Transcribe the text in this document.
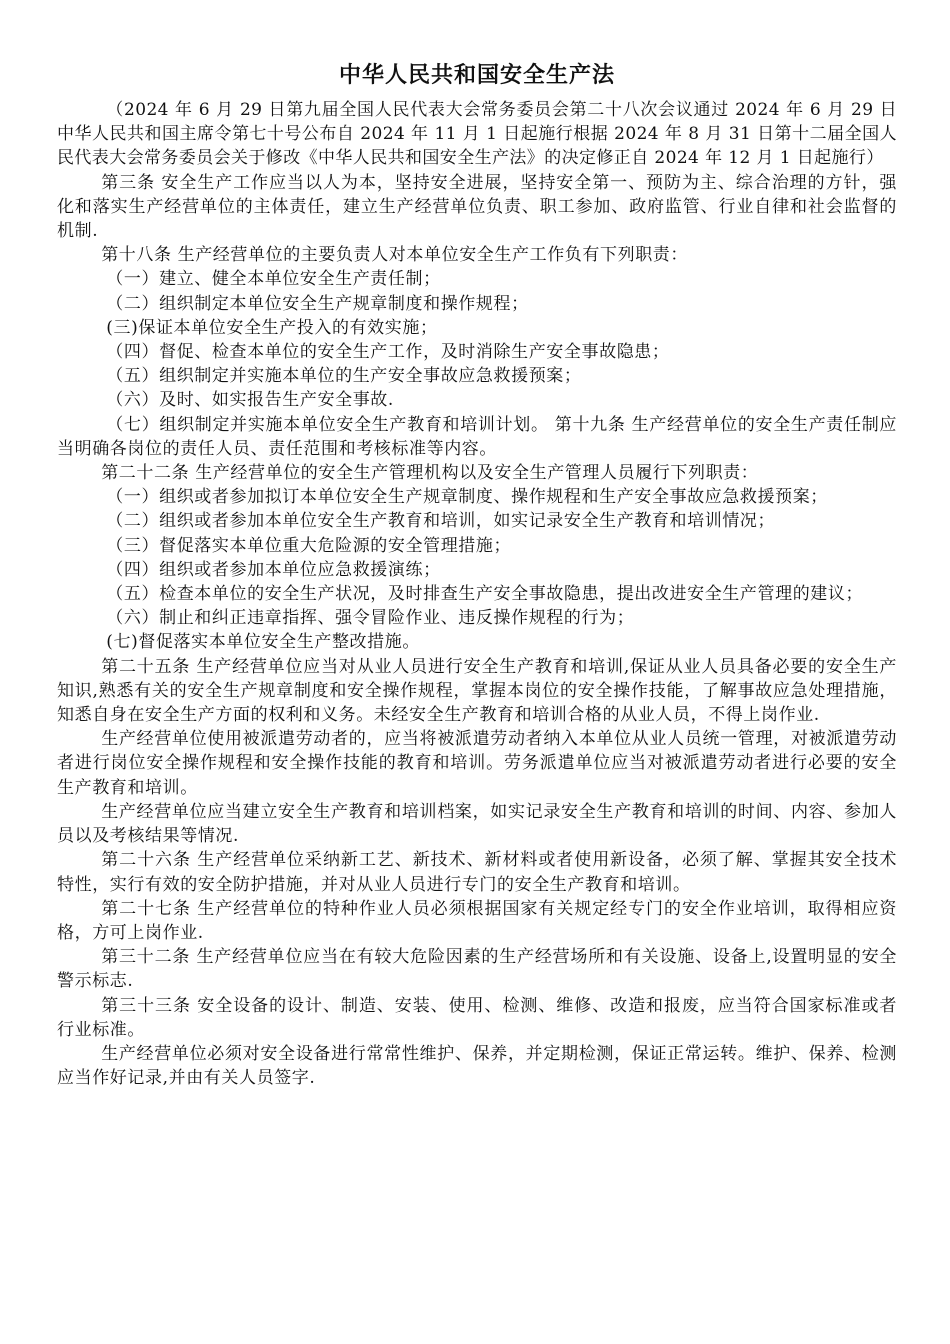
中华人民共和国安全生产法

（2024 年 6 月 29 日第九届全国人民代表大会常务委员会第二十八次会议通过 2024 年 6 月 29 日中华人民共和国主席令第七十号公布自 2024 年 11 月 1 日起施行根据 2024 年 8 月 31 日第十二届全国人民代表大会常务委员会关于修改《中华人民共和国安全生产法》的决定修正自 2024 年 12 月 1 日起施行）

第三条 安全生产工作应当以人为本，坚持安全进展，坚持安全第一、预防为主、综合治理的方针，强化和落实生产经营单位的主体责任，建立生产经营单位负责、职工参加、政府监管、行业自律和社会监督的机制.

第十八条 生产经营单位的主要负责人对本单位安全生产工作负有下列职责：

（一）建立、健全本单位安全生产责任制；

（二）组织制定本单位安全生产规章制度和操作规程；

(三)保证本单位安全生产投入的有效实施；

（四）督促、检查本单位的安全生产工作，及时消除生产安全事故隐患；

（五）组织制定并实施本单位的生产安全事故应急救援预案；

（六）及时、如实报告生产安全事故.

（七）组织制定并实施本单位安全生产教育和培训计划。 第十九条 生产经营单位的安全生产责任制应当明确各岗位的责任人员、责任范围和考核标准等内容。

第二十二条 生产经营单位的安全生产管理机构以及安全生产管理人员履行下列职责：

（一）组织或者参加拟订本单位安全生产规章制度、操作规程和生产安全事故应急救援预案；

（二）组织或者参加本单位安全生产教育和培训，如实记录安全生产教育和培训情况；

（三）督促落实本单位重大危险源的安全管理措施；

（四）组织或者参加本单位应急救援演练；

（五）检查本单位的安全生产状况，及时排查生产安全事故隐患，提出改进安全生产管理的建议；

（六）制止和纠正违章指挥、强令冒险作业、违反操作规程的行为；

(七)督促落实本单位安全生产整改措施。

第二十五条 生产经营单位应当对从业人员进行安全生产教育和培训,保证从业人员具备必要的安全生产知识,熟悉有关的安全生产规章制度和安全操作规程，掌握本岗位的安全操作技能，了解事故应急处理措施，知悉自身在安全生产方面的权利和义务。未经安全生产教育和培训合格的从业人员，不得上岗作业.

生产经营单位使用被派遣劳动者的，应当将被派遣劳动者纳入本单位从业人员统一管理，对被派遣劳动者进行岗位安全操作规程和安全操作技能的教育和培训。劳务派遣单位应当对被派遣劳动者进行必要的安全生产教育和培训。

生产经营单位应当建立安全生产教育和培训档案，如实记录安全生产教育和培训的时间、内容、参加人员以及考核结果等情况.

第二十六条 生产经营单位采纳新工艺、新技术、新材料或者使用新设备，必须了解、掌握其安全技术特性，实行有效的安全防护措施，并对从业人员进行专门的安全生产教育和培训。

第二十七条 生产经营单位的特种作业人员必须根据国家有关规定经专门的安全作业培训，取得相应资格，方可上岗作业.

第三十二条 生产经营单位应当在有较大危险因素的生产经营场所和有关设施、设备上,设置明显的安全警示标志.

第三十三条 安全设备的设计、制造、安装、使用、检测、维修、改造和报废，应当符合国家标准或者行业标准。

生产经营单位必须对安全设备进行常常性维护、保养，并定期检测，保证正常运转。维护、保养、检测应当作好记录,并由有关人员签字.
